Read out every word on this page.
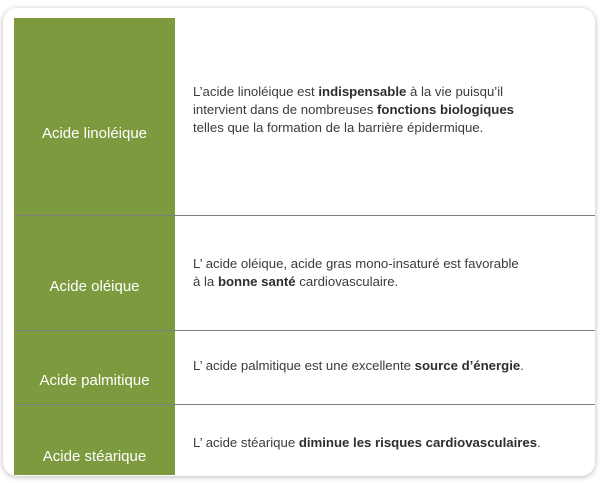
Acide linoléique
L’acide linoléique est indispensable à la vie puisqu’il
intervient dans de nombreuses fonctions biologiques
telles que la formation de la barrière épidermique.
Acide oléique
L’ acide oléique, acide gras mono-insaturé est favorable
à la bonne santé cardiovasculaire.
Acide palmitique
L’ acide palmitique est une excellente source d’énergie.
Acide stéarique
L’ acide stéarique diminue les risques cardiovasculaires.
